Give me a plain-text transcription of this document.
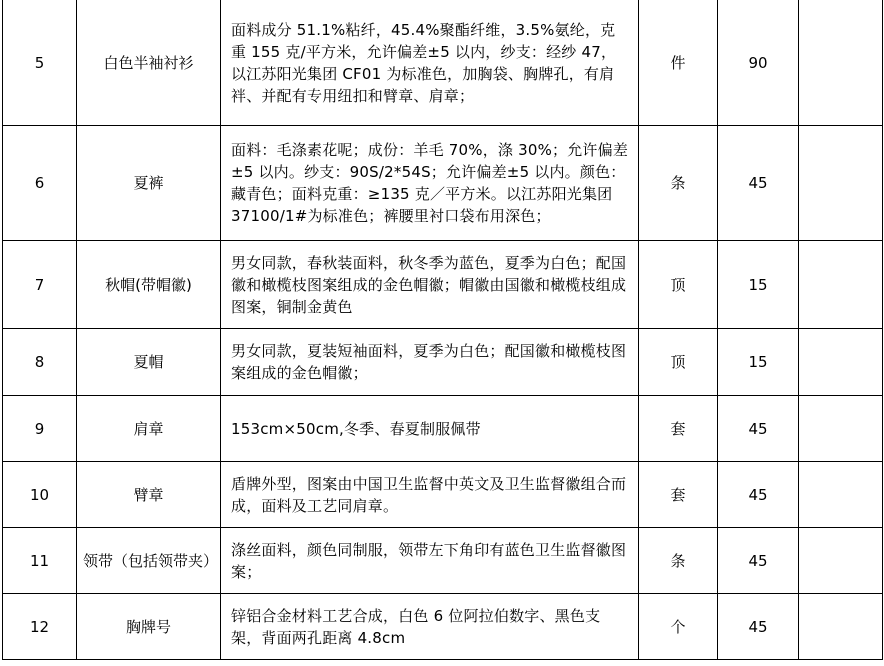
5	白色半袖衬衫	面料成分 51.1%粘纤，45.4%聚酯纤维，3.5%氨纶，克重 155 克/平方米，允许偏差±5 以内，纱支：经纱 47，以江苏阳光集团 CF01 为标准色，加胸袋、胸牌孔，有肩袢、并配有专用纽扣和臂章、肩章；	件	90	
6	夏裤	面料：毛涤素花呢；成份：羊毛 70%，涤 30%；允许偏差±5 以内。纱支：90S/2*54S；允许偏差±5 以内。颜色：藏青色；面料克重：≥135 克／平方米。以江苏阳光集团 37100/1#为标准色；裤腰里衬口袋布用深色；	条	45	
7	秋帽(带帽徽)	男女同款，春秋装面料，秋冬季为蓝色，夏季为白色；配国徽和橄榄枝图案组成的金色帽徽；帽徽由国徽和橄榄枝组成图案，铜制金黄色	顶	15	
8	夏帽	男女同款，夏装短袖面料，夏季为白色；配国徽和橄榄枝图案组成的金色帽徽；	顶	15	
9	肩章	153cm×50cm,冬季、春夏制服佩带	套	45	
10	臂章	盾牌外型，图案由中国卫生监督中英文及卫生监督徽组合而成，面料及工艺同肩章。	套	45	
11	领带（包括领带夹）	涤丝面料，颜色同制服，领带左下角印有蓝色卫生监督徽图案；	条	45	
12	胸牌号	锌铝合金材料工艺合成，白色 6 位阿拉伯数字、黑色支架，背面两孔距离 4.8cm	个	45	
